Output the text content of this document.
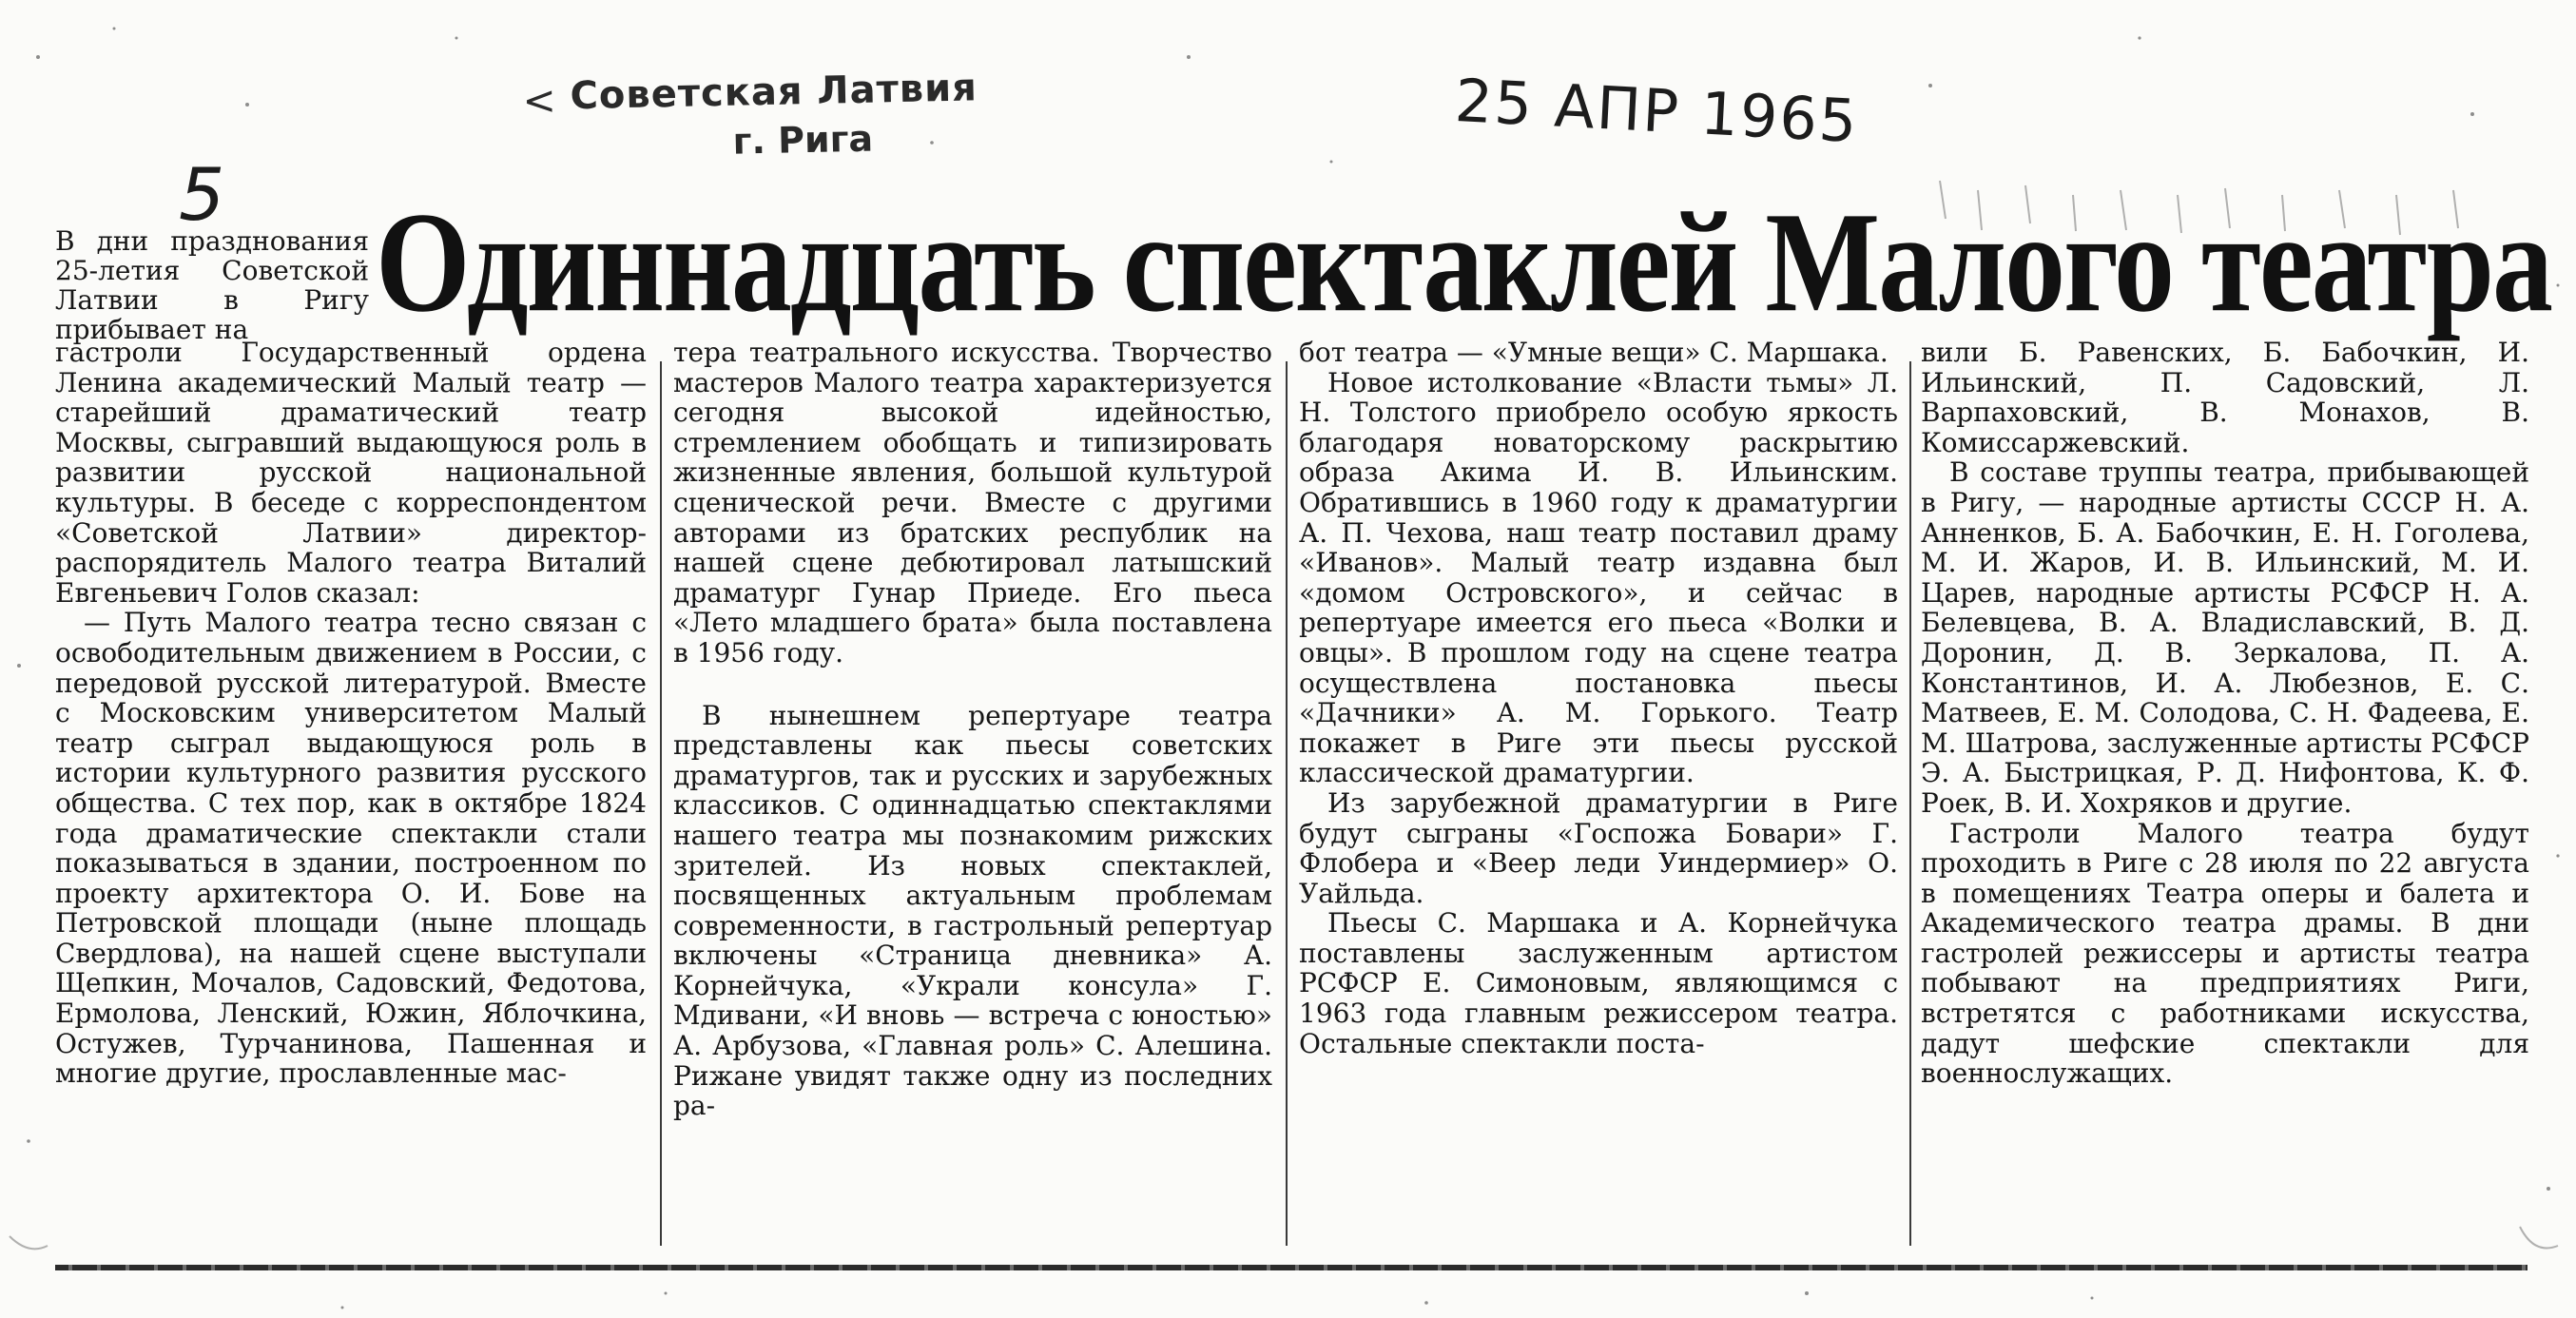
< Советская Латвия
г. Рига	25 АПР 1965
5 Одиннадцать спектаклей Малого театра
В дни празднования 25-летия Советской Латвии в Ригу прибывает на

гастроли Государственный ордена Ленина академический Малый театр — старейший драматический театр Москвы, сыгравший выдающуюся роль в развитии русской национальной культуры. В беседе с корреспондентом «Советской Латвии» директор-распорядитель Малого театра Виталий Евгеньевич Голов сказал:

— Путь Малого театра тесно связан с освободительным движением в России, с передовой русской литературой. Вместе с Московским университетом Малый театр сыграл выдающуюся роль в истории культурного развития русского общества. С тех пор, как в октябре 1824 года драматические спектакли стали показываться в здании, построенном по проекту архитектора О. И. Бове на Петровской площади (ныне площадь Свердлова), на нашей сцене выступали Щепкин, Мочалов, Садовский, Федотова, Ермолова, Ленский, Южин, Яблочкина, Остужев, Турчанинова, Пашенная и многие другие, прославленные мас-

тера театрального искусства. Творчество мастеров Малого театра характеризуется сегодня высокой идейностью, стремлением обобщать и типизировать жизненные явления, большой культурой сценической речи. Вместе с другими авторами из братских республик на нашей сцене дебютировал латышский драматург Гунар Приеде. Его пьеса «Лето младшего брата» была поставлена в 1956 году.

В нынешнем репертуаре театра представлены как пьесы советских драматургов, так и русских и зарубежных классиков. С одиннадцатью спектаклями нашего театра мы познакомим рижских зрителей. Из новых спектаклей, посвященных актуальным проблемам современности, в гастрольный репертуар включены «Страница дневника» А. Корнейчука, «Украли консула» Г. Мдивани, «И вновь — встреча с юностью» А. Арбузова, «Главная роль» С. Алешина. Рижане увидят также одну из последних ра-

бот театра — «Умные вещи» С. Маршака.

Новое истолкование «Власти тьмы» Л. Н. Толстого приобрело особую яркость благодаря новаторскому раскрытию образа Акима И. В. Ильинским. Обратившись в 1960 году к драматургии А. П. Чехова, наш театр поставил драму «Иванов». Малый театр издавна был «домом Островского», и сейчас в репертуаре имеется его пьеса «Волки и овцы». В прошлом году на сцене театра осуществлена постановка пьесы «Дачники» А. М. Горького. Театр покажет в Риге эти пьесы русской классической драматургии.

Из зарубежной драматургии в Риге будут сыграны «Госпожа Бовари» Г. Флобера и «Веер леди Уиндермиер» О. Уайльда.

Пьесы С. Маршака и А. Корнейчука поставлены заслуженным артистом РСФСР Е. Симоновым, являющимся с 1963 года главным режиссером театра. Остальные спектакли поста-

вили Б. Равенских, Б. Бабочкин, И. Ильинский, П. Садовский, Л. Варпаховский, В. Монахов, В. Комиссаржевский.

В составе труппы театра, прибывающей в Ригу, — народные артисты СССР Н. А. Анненков, Б. А. Бабочкин, Е. Н. Гоголева, М. И. Жаров, И. В. Ильинский, М. И. Царев, народные артисты РСФСР Н. А. Белевцева, В. А. Владиславский, В. Д. Доронин, Д. В. Зеркалова, П. А. Константинов, И. А. Любезнов, Е. С. Матвеев, Е. М. Солодова, С. Н. Фадеева, Е. М. Шатрова, заслуженные артисты РСФСР Э. А. Быстрицкая, Р. Д. Нифонтова, К. Ф. Роек, В. И. Хохряков и другие.

Гастроли Малого театра будут проходить в Риге с 28 июля по 22 августа в помещениях Театра оперы и балета и Академического театра драмы. В дни гастролей режиссеры и артисты театра побывают на предприятиях Риги, встретятся с работниками искусства, дадут шефские спектакли для военнослужащих.
